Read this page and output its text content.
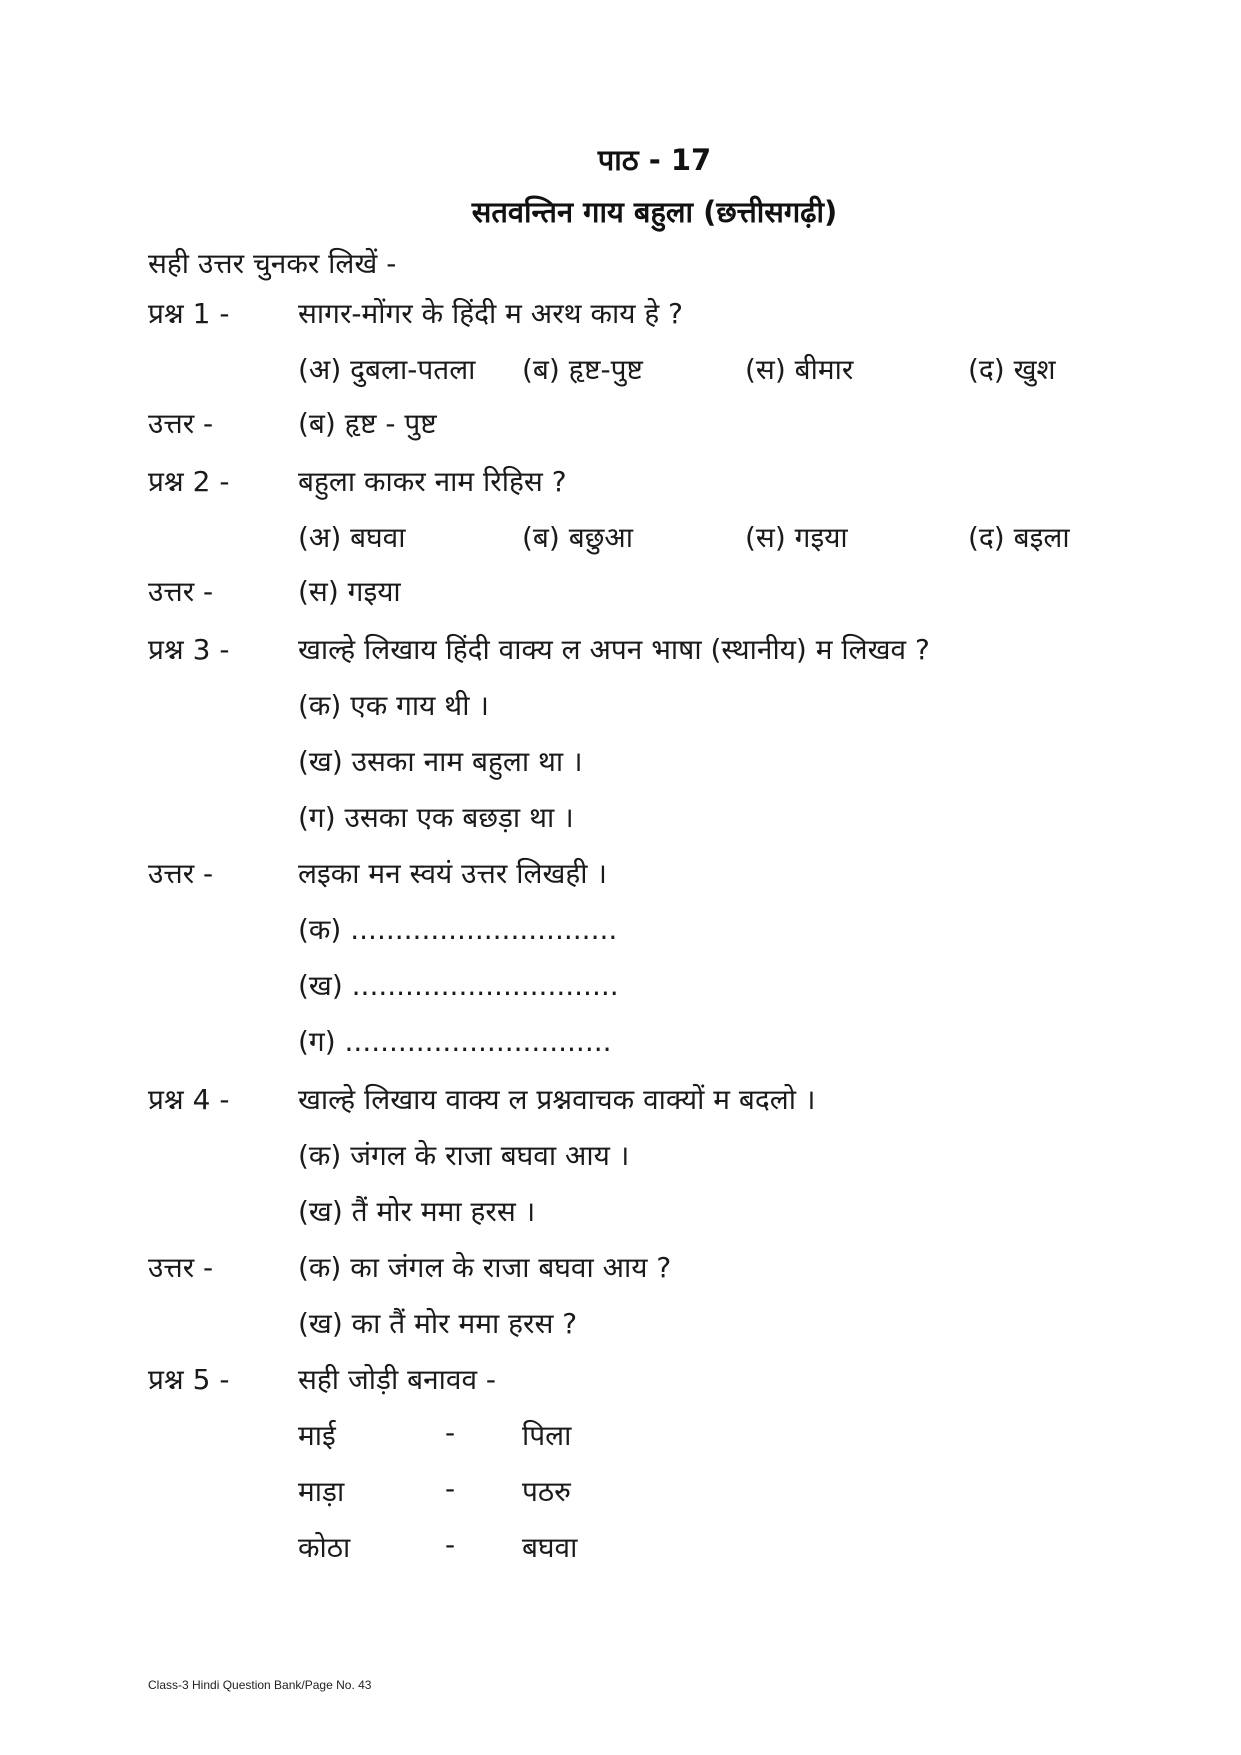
पाठ - 17
सतवन्तिन गाय बहुला (छत्तीसगढ़ी)
सही उत्तर चुनकर लिखें -
प्रश्न 1 - सागर-मोंगर के हिंदी म अरथ काय हे ?
(अ) दुबला-पतला (ब) हृष्ट-पुष्ट	(स) बीमार	(द) खुश
उत्तर -	(ब) हृष्ट - पुष्ट
प्रश्न 2 - बहुला काकर नाम रिहिस ?
(अ) बघवा	(ब) बछुआ	(स) गइया	(द) बइला
उत्तर -	(स) गइया
प्रश्न 3 - खाल्हे लिखाय हिंदी वाक्य ल अपन भाषा (स्थानीय) म लिखव ?
(क) एक गाय थी ।
(ख) उसका नाम बहुला था ।
(ग) उसका एक बछड़ा था ।
उत्तर -	लइका मन स्वयं उत्तर लिखही ।
(क) ..............................
(ख) ..............................
(ग) ..............................
प्रश्न 4 - खाल्हे लिखाय वाक्य ल प्रश्नवाचक वाक्यों म बदलो ।
(क) जंगल के राजा बघवा आय ।
(ख) तैं मोर ममा हरस ।
उत्तर -	(क) का जंगल के राजा बघवा आय ?
(ख) का तैं मोर ममा हरस ?
प्रश्न 5 - सही जोड़ी बनावव -
माई	- पिला
माड़ा	- पठरु
कोठा	- बघवा
Class-3 Hindi Question Bank/Page No. 43
